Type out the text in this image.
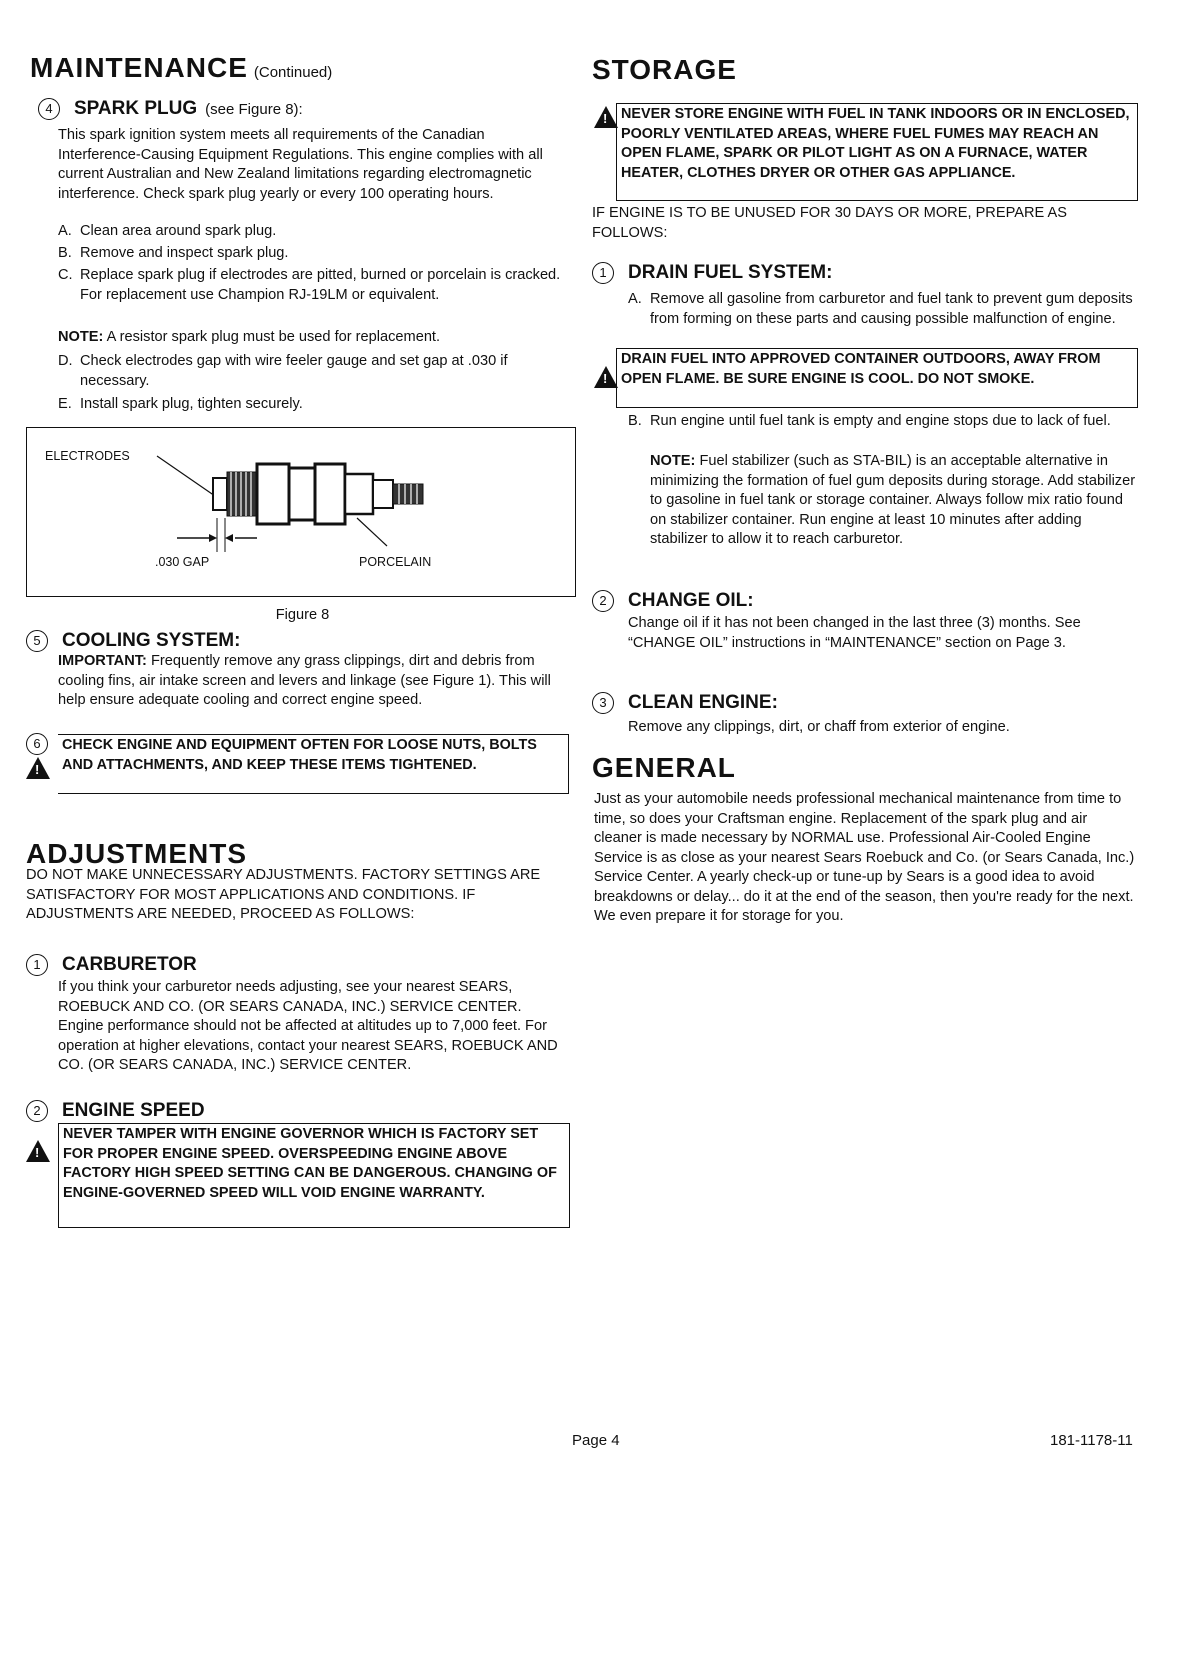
MAINTENANCE (Continued)
4	SPARK PLUG (see Figure 8):

This spark ignition system meets all requirements of the Canadian Interference-Causing Equipment Regulations. This engine complies with all current Australian and New Zealand limitations regarding electromagnetic interference. Check spark plug yearly or every 100 operating hours.

A. Clean area around spark plug.
B. Remove and inspect spark plug.
C. Replace spark plug if electrodes are pitted, burned or porcelain is cracked. For replacement use Champion RJ-19LM or equivalent.

NOTE: A resistor spark plug must be used for replacement.

D. Check electrodes gap with wire feeler gauge and set gap at .030 if necessary.
E. Install spark plug, tighten securely.
ELECTRODES
.030 GAP	PORCELAIN
Figure 8
5	COOLING SYSTEM:

IMPORTANT: Frequently remove any grass clippings, dirt and debris from cooling fins, air intake screen and levers and linkage (see Figure 1). This will help ensure adequate cooling and correct engine speed.

6
!	CHECK ENGINE AND EQUIPMENT OFTEN FOR LOOSE NUTS, BOLTS AND ATTACHMENTS, AND KEEP THESE ITEMS TIGHTENED.
ADJUSTMENTS

DO NOT MAKE UNNECESSARY ADJUSTMENTS. FACTORY SETTINGS ARE SATISFACTORY FOR MOST APPLICATIONS AND CONDITIONS. IF ADJUSTMENTS ARE NEEDED, PROCEED AS FOLLOWS:

1	CARBURETOR

If you think your carburetor needs adjusting, see your nearest SEARS, ROEBUCK AND CO. (OR SEARS CANADA, INC.) SERVICE CENTER. Engine performance should not be affected at altitudes up to 7,000 feet. For operation at higher elevations, contact your nearest SEARS, ROEBUCK AND CO. (OR SEARS CANADA, INC.) SERVICE CENTER.

2	ENGINE SPEED
!
NEVER TAMPER WITH ENGINE GOVERNOR WHICH IS FACTORY SET FOR PROPER ENGINE SPEED. OVERSPEEDING ENGINE ABOVE FACTORY HIGH SPEED SETTING CAN BE DANGEROUS. CHANGING OF ENGINE-GOVERNED SPEED WILL VOID ENGINE WARRANTY.
STORAGE
!
NEVER STORE ENGINE WITH FUEL IN TANK INDOORS OR IN ENCLOSED, POORLY VENTILATED AREAS, WHERE FUEL FUMES MAY REACH AN OPEN FLAME, SPARK OR PILOT LIGHT AS ON A FURNACE, WATER HEATER, CLOTHES DRYER OR OTHER GAS APPLIANCE.

IF ENGINE IS TO BE UNUSED FOR 30 DAYS OR MORE, PREPARE AS FOLLOWS:

1	DRAIN FUEL SYSTEM:
A. Remove all gasoline from carburetor and fuel tank to prevent gum deposits from forming on these parts and causing possible malfunction of engine.
!
DRAIN FUEL INTO APPROVED CONTAINER OUTDOORS, AWAY FROM OPEN FLAME. BE SURE ENGINE IS COOL. DO NOT SMOKE.
B. Run engine until fuel tank is empty and engine stops due to lack of fuel.

NOTE: Fuel stabilizer (such as STA-BIL) is an acceptable alternative in minimizing the formation of fuel gum deposits during storage. Add stabilizer to gasoline in fuel tank or storage container. Always follow mix ratio found on stabilizer container. Run engine at least 10 minutes after adding stabilizer to allow it to reach carburetor.

2	CHANGE OIL:

Change oil if it has not been changed in the last three (3) months. See “CHANGE OIL” instructions in “MAINTENANCE” section on Page 3.

3	CLEAN ENGINE:

Remove any clippings, dirt, or chaff from exterior of engine.

GENERAL

Just as your automobile needs professional mechanical maintenance from time to time, so does your Craftsman engine. Replacement of the spark plug and air cleaner is made necessary by NORMAL use. Professional Air-Cooled Engine Service is as close as your nearest Sears Roebuck and Co. (or Sears Canada, Inc.) Service Center. A yearly check-up or tune-up by Sears is a good idea to avoid breakdowns or delay... do it at the end of the season, then you're ready for the next. We even prepare it for storage for you.

Page 4	181-1178-11
